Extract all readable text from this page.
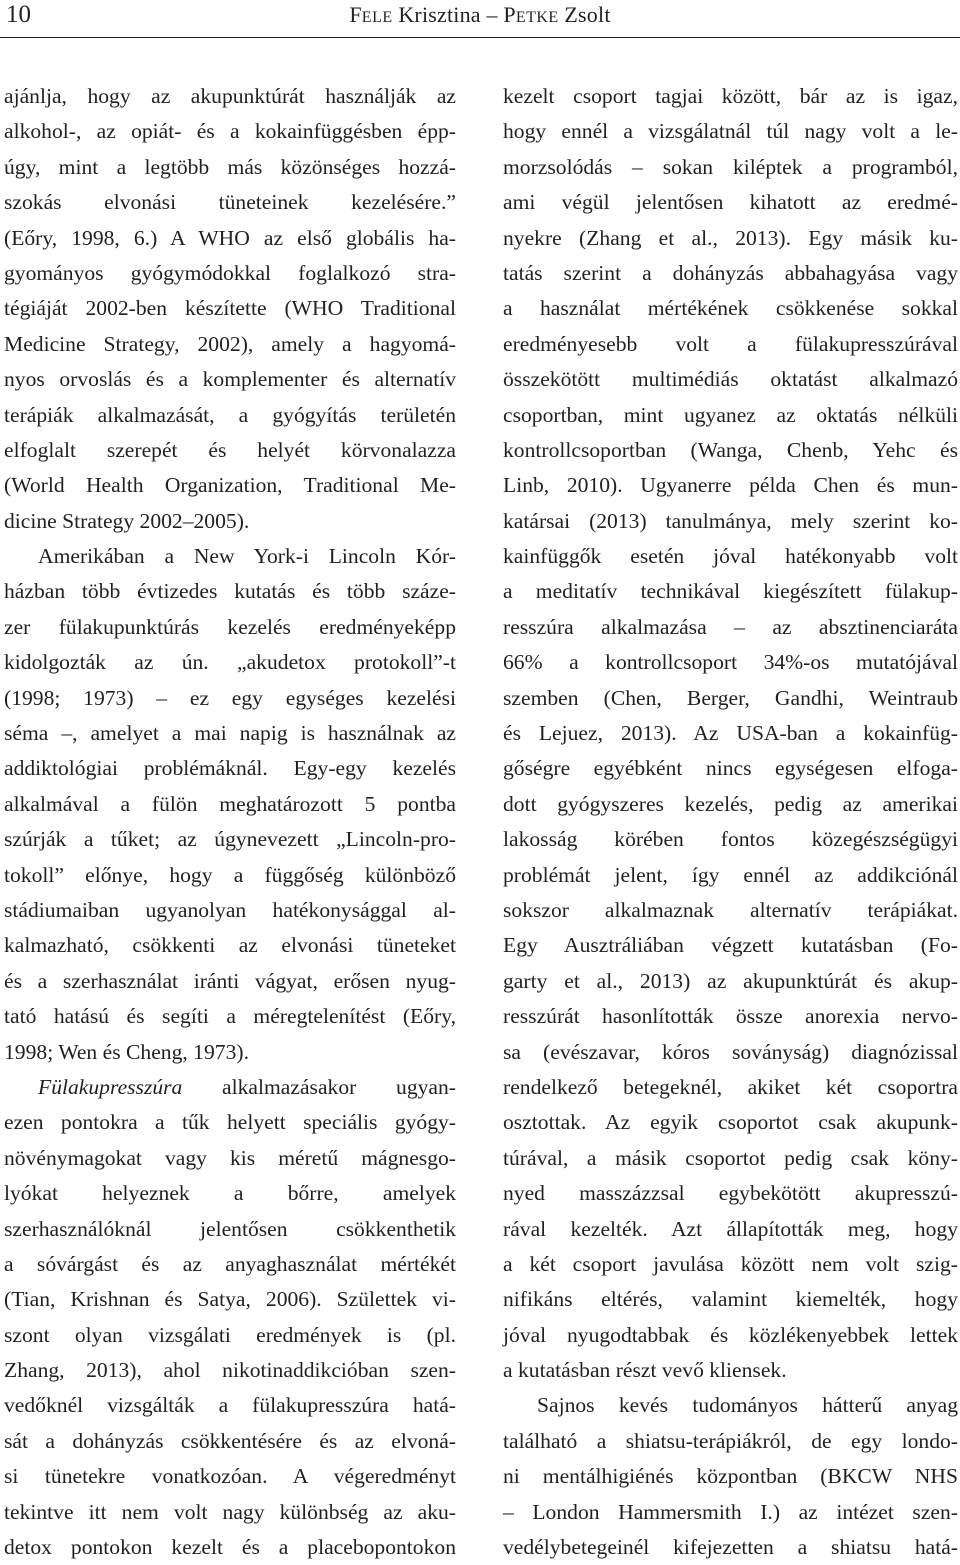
10	FELE Krisztina – PETKE Zsolt
ajánlja, hogy az akupunktúrát használják az
alkohol-, az opiát- és a kokainfüggésben épp-
úgy, mint a legtöbb más közönséges hozzá-
szokás elvonási tüneteinek kezelésére.”
(Eőry, 1998, 6.) A WHO az első globális ha-
gyományos gyógymódokkal foglalkozó stra-
tégiáját 2002-ben készítette (WHO Traditional
Medicine Strategy, 2002), amely a hagyomá-
nyos orvoslás és a komplementer és alternatív
terápiák alkalmazását, a gyógyítás területén
elfoglalt szerepét és helyét körvonalazza
(World Health Organization, Traditional Me-
dicine Strategy 2002–2005).
Amerikában a New York-i Lincoln Kór-
házban több évtizedes kutatás és több száze-
zer fülakupunktúrás kezelés eredményeképp
kidolgozták az ún. „akudetox protokoll”-t
(1998; 1973) – ez egy egységes kezelési
séma –, amelyet a mai napig is használnak az
addiktológiai problémáknál. Egy-egy kezelés
alkalmával a fülön meghatározott 5 pontba
szúrják a tűket; az úgynevezett „Lincoln-pro-
tokoll” előnye, hogy a függőség különböző
stádiumaiban ugyanolyan hatékonysággal al-
kalmazható, csökkenti az elvonási tüneteket
és a szerhasználat iránti vágyat, erősen nyug-
tató hatású és segíti a méregtelenítést (Eőry,
1998; Wen és Cheng, 1973).
Fülakupresszúra alkalmazásakor ugyan-
ezen pontokra a tűk helyett speciális gyógy-
növénymagokat vagy kis méretű mágnesgo-
lyókat helyeznek a bőrre, amelyek
szerhasználóknál jelentősen csökkenthetik
a sóvárgást és az anyaghasználat mértékét
(Tian, Krishnan és Satya, 2006). Születtek vi-
szont olyan vizsgálati eredmények is (pl.
Zhang, 2013), ahol nikotinaddikcióban szen-
vedőknél vizsgálták a fülakupresszúra hatá-
sát a dohányzás csökkentésére és az elvoná-
si tünetekre vonatkozóan. A végeredményt
tekintve itt nem volt nagy különbség az aku-
detox pontokon kezelt és a placebopontokon
kezelt csoport tagjai között, bár az is igaz,
hogy ennél a vizsgálatnál túl nagy volt a le-
morzsolódás – sokan kiléptek a programból,
ami végül jelentősen kihatott az eredmé-
nyekre (Zhang et al., 2013). Egy másik ku-
tatás szerint a dohányzás abbahagyása vagy
a használat mértékének csökkenése sokkal
eredményesebb volt a fülakupresszúrával
összekötött multimédiás oktatást alkalmazó
csoportban, mint ugyanez az oktatás nélküli
kontrollcsoportban (Wanga, Chenb, Yehc és
Linb, 2010). Ugyanerre példa Chen és mun-
katársai (2013) tanulmánya, mely szerint ko-
kainfüggők esetén jóval hatékonyabb volt
a meditatív technikával kiegészített fülakup-
resszúra alkalmazása – az absztinenciaráta
66% a kontrollcsoport 34%-os mutatójával
szemben (Chen, Berger, Gandhi, Weintraub
és Lejuez, 2013). Az USA-ban a kokainfüg-
gőségre egyébként nincs egységesen elfoga-
dott gyógyszeres kezelés, pedig az amerikai
lakosság körében fontos közegészségügyi
problémát jelent, így ennél az addikciónál
sokszor alkalmaznak alternatív terápiákat.
Egy Ausztráliában végzett kutatásban (Fo-
garty et al., 2013) az akupunktúrát és akup-
resszúrát hasonlították össze anorexia nervo-
sa (evészavar, kóros soványság) diagnózissal
rendelkező betegeknél, akiket két csoportra
osztottak. Az egyik csoportot csak akupunk-
túrával, a másik csoportot pedig csak köny-
nyed masszázzsal egybekötött akupresszú-
rával kezelték. Azt állapították meg, hogy
a két csoport javulása között nem volt szig-
nifikáns eltérés, valamint kiemelték, hogy
jóval nyugodtabbak és közlékenyebbek lettek
a kutatásban részt vevő kliensek.
Sajnos kevés tudományos hátterű anyag
található a shiatsu-terápiákról, de egy londo-
ni mentálhigiénés központban (BKCW NHS
– London Hammersmith I.) az intézet szen-
vedélybetegeinél kifejezetten a shiatsu hatá-
